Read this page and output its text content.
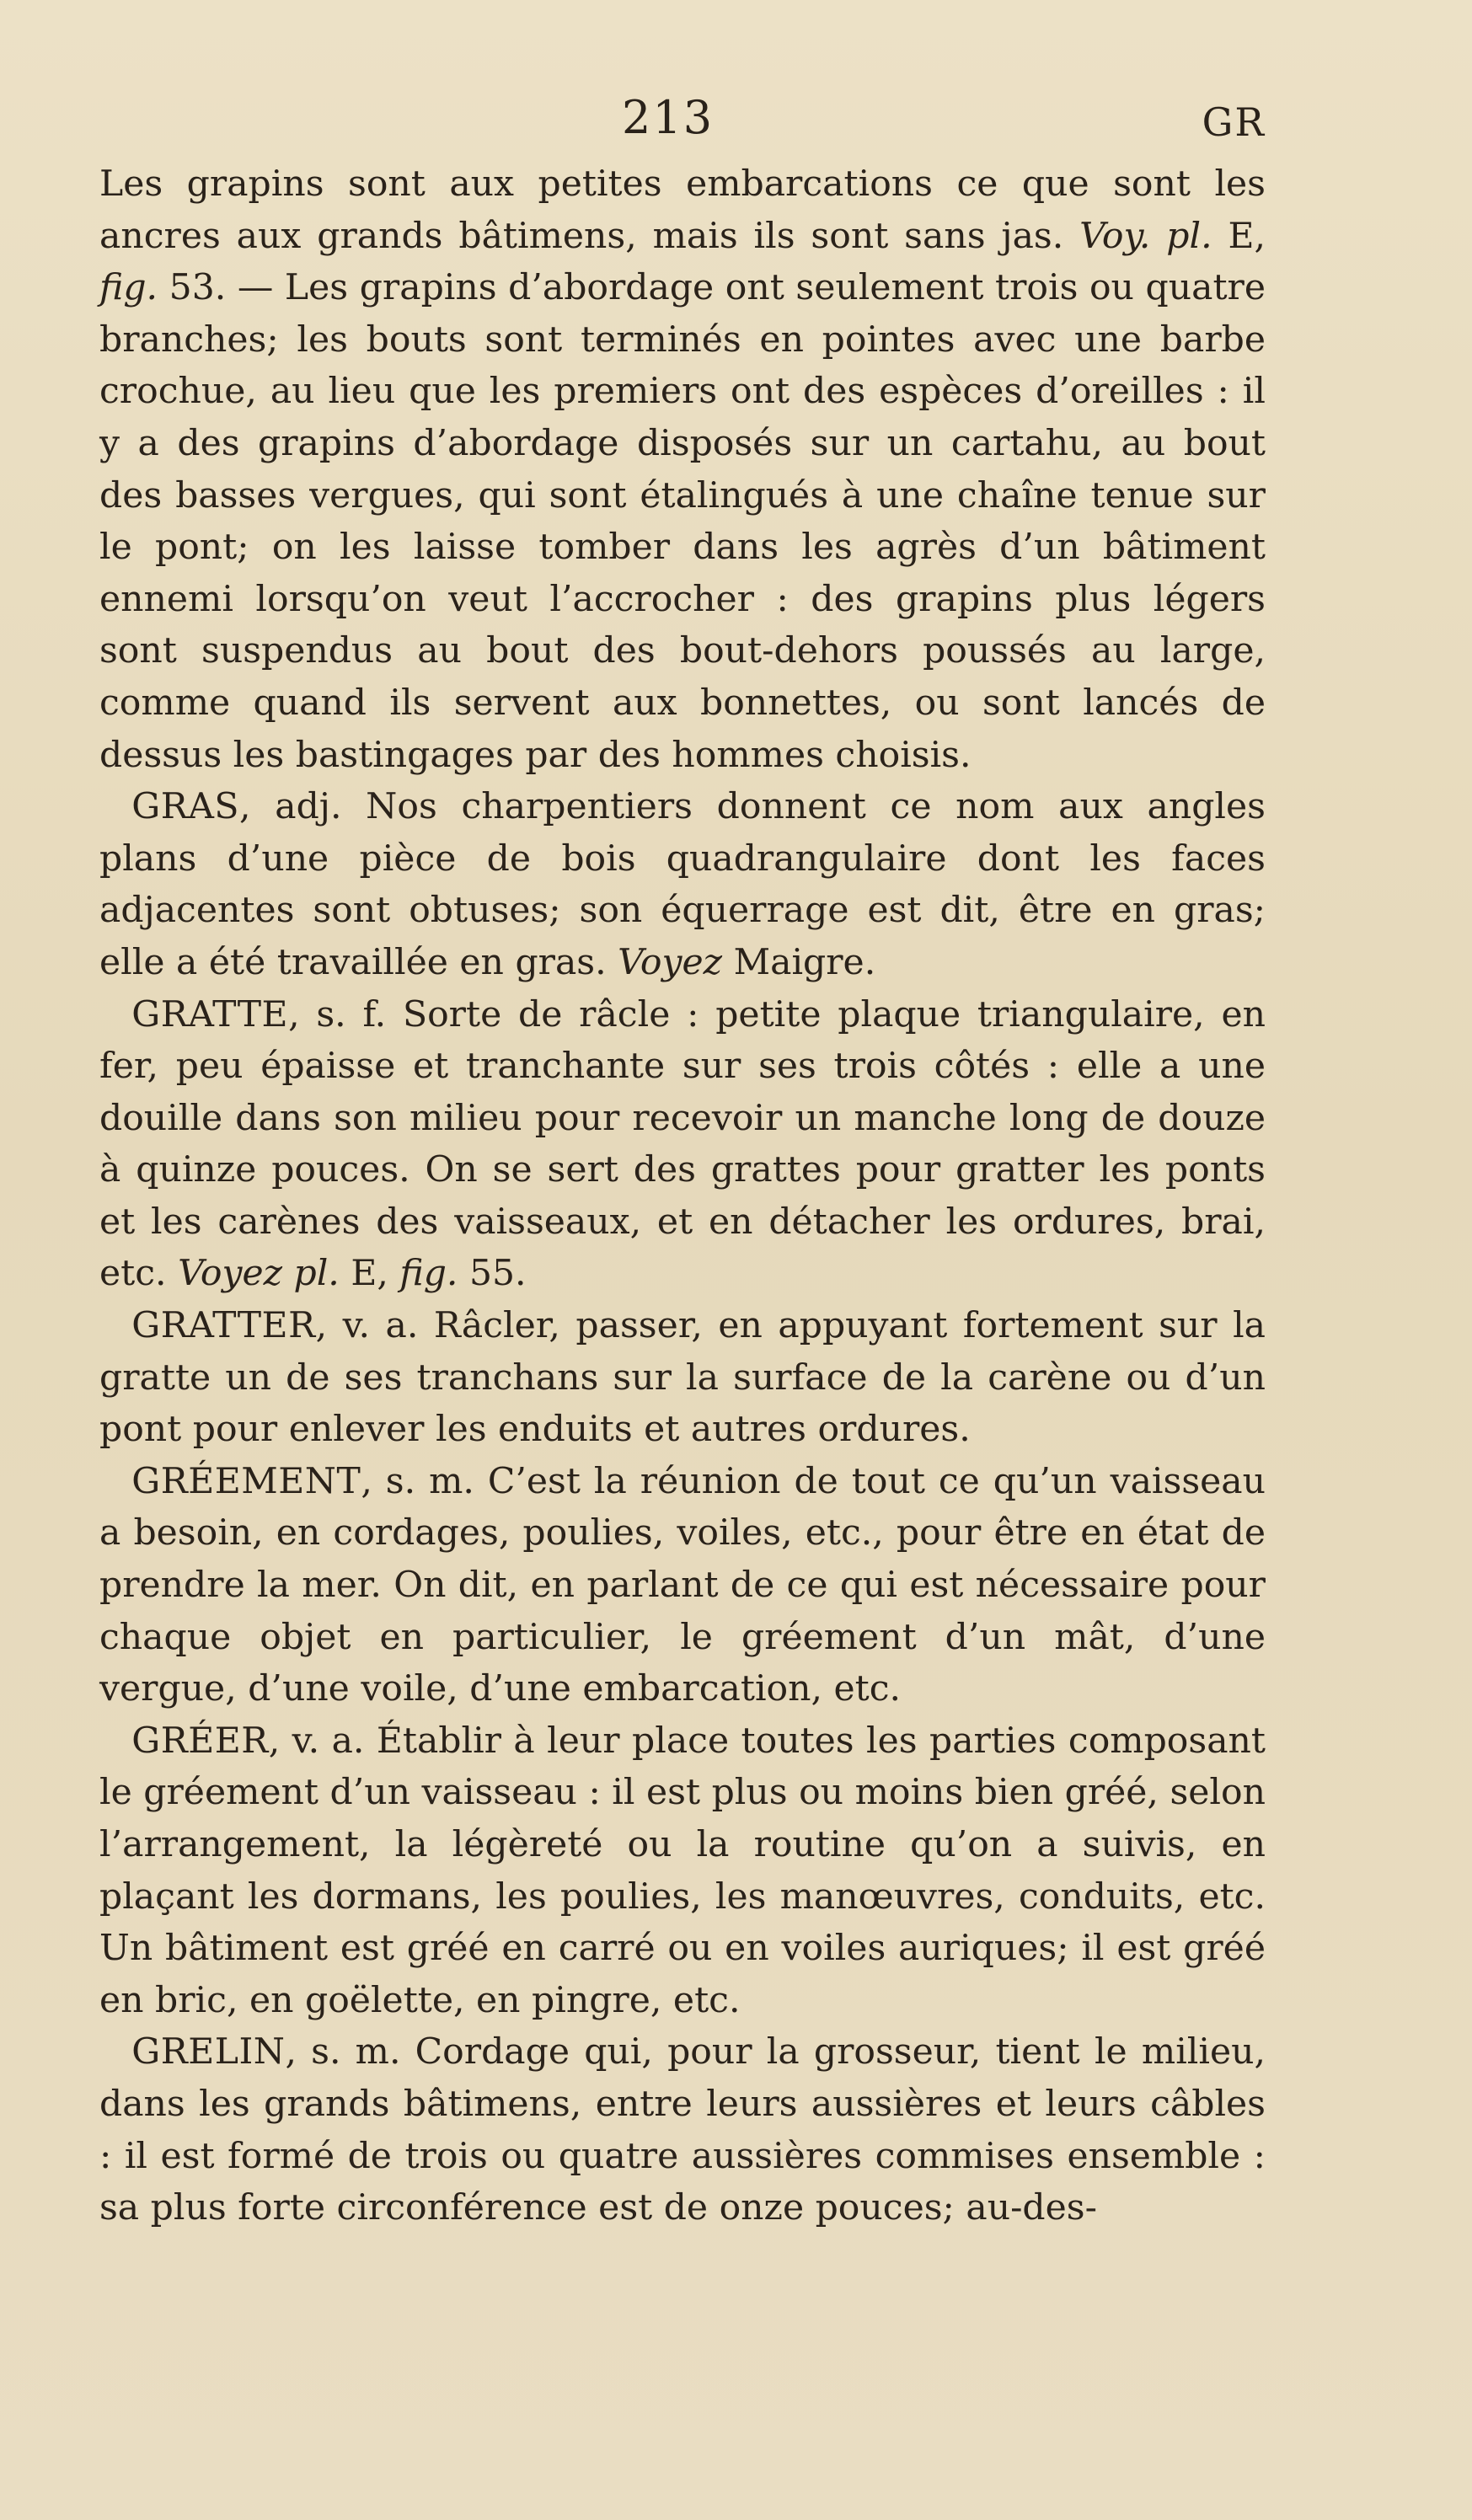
213	GR

Les grapins sont aux petites embarcations ce que sont les ancres aux grands bâtimens, mais ils sont sans jas. Voy. pl. E, fig. 53. — Les grapins d’abordage ont seulement trois ou quatre branches; les bouts sont terminés en pointes avec une barbe crochue, au lieu que les premiers ont des espèces d’oreilles : il y a des grapins d’abordage disposés sur un cartahu, au bout des basses vergues, qui sont étalingués à une chaîne tenue sur le pont; on les laisse tomber dans les agrès d’un bâtiment ennemi lorsqu’on veut l’accrocher : des grapins plus légers sont suspendus au bout des bout-dehors poussés au large, comme quand ils servent aux bonnettes, ou sont lancés de dessus les bastingages par des hommes choisis.

GRAS, adj. Nos charpentiers donnent ce nom aux angles plans d’une pièce de bois quadrangulaire dont les faces adjacentes sont obtuses; son équerrage est dit, être en gras; elle a été travaillée en gras. Voyez Maigre.

GRATTE, s. f. Sorte de râcle : petite plaque triangulaire, en fer, peu épaisse et tranchante sur ses trois côtés : elle a une douille dans son milieu pour recevoir un manche long de douze à quinze pouces. On se sert des grattes pour gratter les ponts et les carènes des vaisseaux, et en détacher les ordures, brai, etc. Voyez pl. E, fig. 55.

GRATTER, v. a. Râcler, passer, en appuyant fortement sur la gratte un de ses tranchans sur la surface de la carène ou d’un pont pour enlever les enduits et autres ordures.

GRÉEMENT, s. m. C’est la réunion de tout ce qu’un vaisseau a besoin, en cordages, poulies, voiles, etc., pour être en état de prendre la mer. On dit, en parlant de ce qui est nécessaire pour chaque objet en particulier, le gréement d’un mât, d’une vergue, d’une voile, d’une embarcation, etc.

GRÉER, v. a. Établir à leur place toutes les parties composant le gréement d’un vaisseau : il est plus ou moins bien gréé, selon l’arrangement, la légèreté ou la routine qu’on a suivis, en plaçant les dormans, les poulies, les manœuvres, conduits, etc. Un bâtiment est gréé en carré ou en voiles auriques; il est gréé en bric, en goëlette, en pingre, etc.

GRELIN, s. m. Cordage qui, pour la grosseur, tient le milieu, dans les grands bâtimens, entre leurs aussières et leurs câbles : il est formé de trois ou quatre aussières commises ensemble : sa plus forte circonférence est de onze pouces; au-des-
